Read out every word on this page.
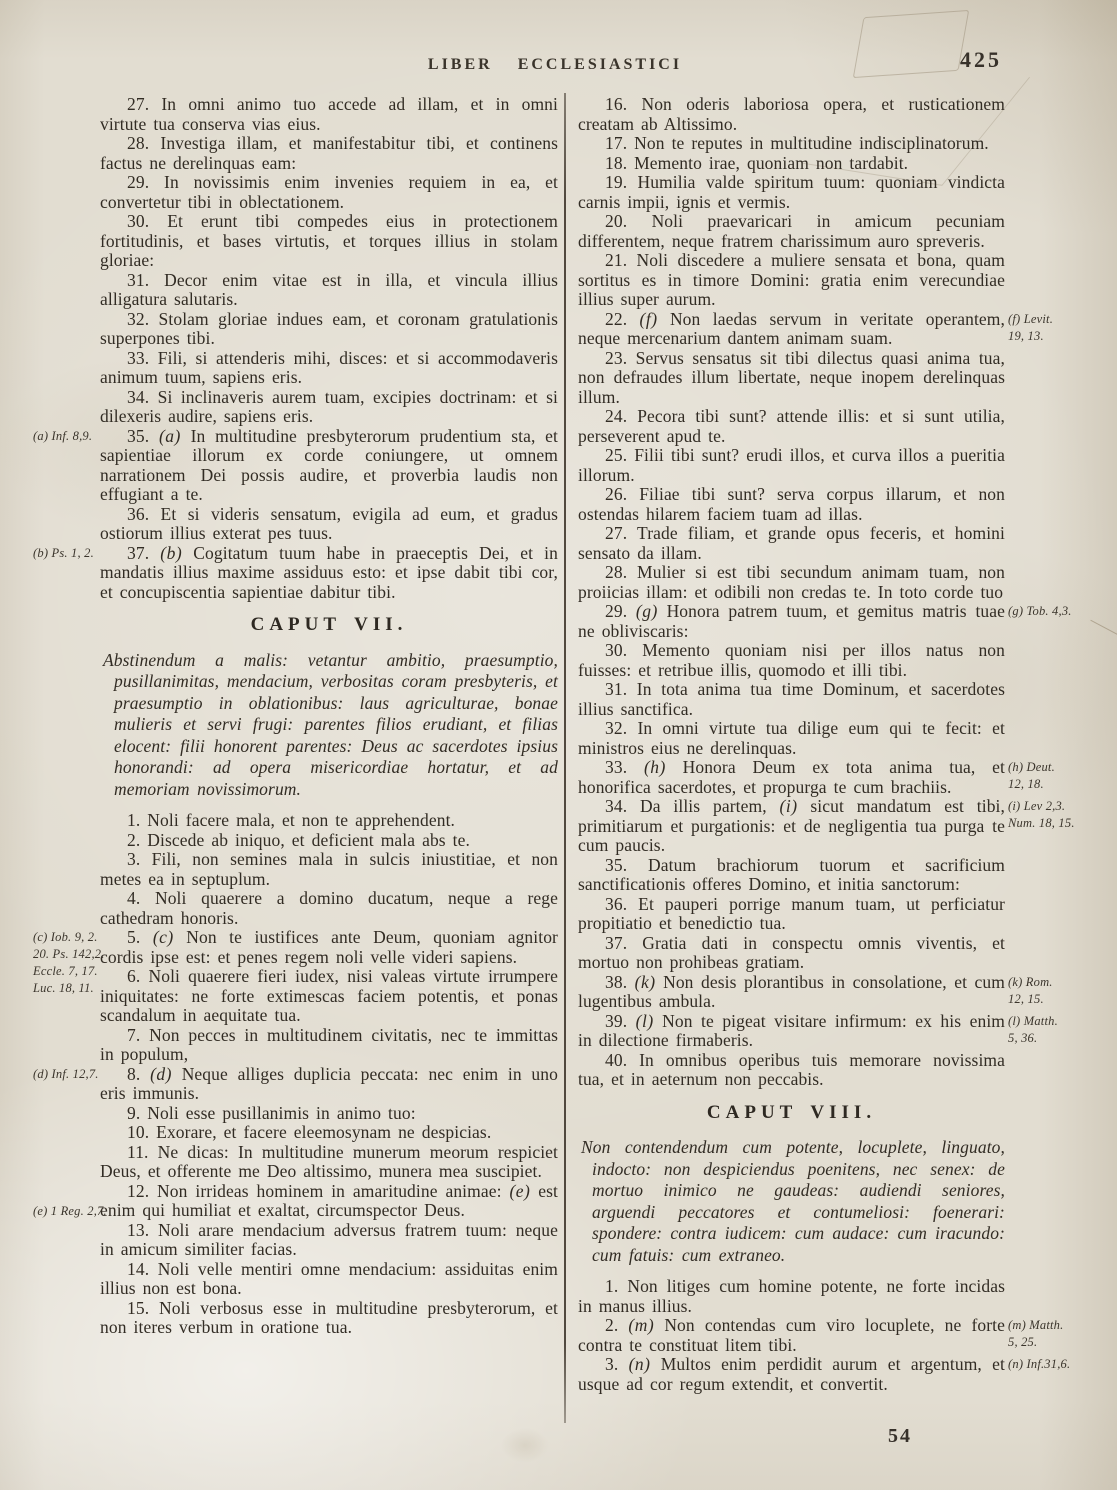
LIBER ECCLESIASTICI	425

27. In omni animo tuo accede ad illam, et in omni virtute tua conserva vias eius.

28. Investiga illam, et manifestabitur tibi, et continens factus ne derelinquas eam:

29. In novissimis enim invenies requiem in ea, et convertetur tibi in oblectationem.

30. Et erunt tibi compedes eius in protectionem fortitudinis, et bases virtutis, et torques illius in stolam gloriae:

31. Decor enim vitae est in illa, et vincula illius alligatura salutaris.

32. Stolam gloriae indues eam, et coronam gratulationis superpones tibi.

33. Fili, si attenderis mihi, disces: et si accommodaveris animum tuum, sapiens eris.

34. Si inclinaveris aurem tuam, excipies doctrinam: et si dilexeris audire, sapiens eris.

35. (a) In multitudine presbyterorum prudentium sta, et sapientiae illorum ex corde coniungere, ut omnem narrationem Dei possis audire, et proverbia laudis non effugiant a te.

36. Et si videris sensatum, evigila ad eum, et gradus ostiorum illius exterat pes tuus.

37. (b) Cogitatum tuum habe in praeceptis Dei, et in mandatis illius maxime assiduus esto: et ipse dabit tibi cor, et concupiscentia sapientiae dabitur tibi.

CAPUT VII.

Abstinendum a malis: vetantur ambitio, praesumptio, pusillanimitas, mendacium, verbositas coram presbyteris, et praesumptio in oblationibus: laus agriculturae, bonae mulieris et servi frugi: parentes filios erudiant, et filias elocent: filii honorent parentes: Deus ac sacerdotes ipsius honorandi: ad opera misericordiae hortatur, et ad memoriam novissimorum.

1. Noli facere mala, et non te apprehendent.

2. Discede ab iniquo, et deficient mala abs te.

3. Fili, non semines mala in sulcis iniustitiae, et non metes ea in septuplum.

4. Noli quaerere a domino ducatum, neque a rege cathedram honoris.

5. (c) Non te iustifices ante Deum, quoniam agnitor cordis ipse est: et penes regem noli velle videri sapiens.

6. Noli quaerere fieri iudex, nisi valeas virtute irrumpere iniquitates: ne forte extimescas faciem potentis, et ponas scandalum in aequitate tua.

7. Non pecces in multitudinem civitatis, nec te immittas in populum,

8. (d) Neque alliges duplicia peccata: nec enim in uno eris immunis.

9. Noli esse pusillanimis in animo tuo:

10. Exorare, et facere eleemosynam ne despicias.

11. Ne dicas: In multitudine munerum meorum respiciet Deus, et offerente me Deo altissimo, munera mea suscipiet.

12. Non irrideas hominem in amaritudine animae: (e) est enim qui humiliat et exaltat, circumspector Deus.

13. Noli arare mendacium adversus fratrem tuum: neque in amicum similiter facias.

14. Noli velle mentiri omne mendacium: assiduitas enim illius non est bona.

15. Noli verbosus esse in multitudine presbyterorum, et non iteres verbum in oratione tua.

16. Non oderis laboriosa opera, et rusticationem creatam ab Altissimo.

17. Non te reputes in multitudine indisciplinatorum.

18. Memento irae, quoniam non tardabit.

19. Humilia valde spiritum tuum: quoniam vindicta carnis impii, ignis et vermis.

20. Noli praevaricari in amicum pecuniam differentem, neque fratrem charissimum auro spreveris.

21. Noli discedere a muliere sensata et bona, quam sortitus es in timore Domini: gratia enim verecundiae illius super aurum.

22. (f) Non laedas servum in veritate operantem, neque mercenarium dantem animam suam.

23. Servus sensatus sit tibi dilectus quasi anima tua, non defraudes illum libertate, neque inopem derelinquas illum.

24. Pecora tibi sunt? attende illis: et si sunt utilia, perseverent apud te.

25. Filii tibi sunt? erudi illos, et curva illos a pueritia illorum.

26. Filiae tibi sunt? serva corpus illarum, et non ostendas hilarem faciem tuam ad illas.

27. Trade filiam, et grande opus feceris, et homini sensato da illam.

28. Mulier si est tibi secundum animam tuam, non proiicias illam: et odibili non credas te. In toto corde tuo

29. (g) Honora patrem tuum, et gemitus matris tuae ne obliviscaris:

30. Memento quoniam nisi per illos natus non fuisses: et retribue illis, quomodo et illi tibi.

31. In tota anima tua time Dominum, et sacerdotes illius sanctifica.

32. In omni virtute tua dilige eum qui te fecit: et ministros eius ne derelinquas.

33. (h) Honora Deum ex tota anima tua, et honorifica sacerdotes, et propurga te cum brachiis.

34. Da illis partem, (i) sicut mandatum est tibi, primitiarum et purgationis: et de negligentia tua purga te cum paucis.

35. Datum brachiorum tuorum et sacrificium sanctificationis offeres Domino, et initia sanctorum:

36. Et pauperi porrige manum tuam, ut perficiatur propitiatio et benedictio tua.

37. Gratia dati in conspectu omnis viventis, et mortuo non prohibeas gratiam.

38. (k) Non desis plorantibus in consolatione, et cum lugentibus ambula.

39. (l) Non te pigeat visitare infirmum: ex his enim in dilectione firmaberis.

40. In omnibus operibus tuis memorare novissima tua, et in aeternum non peccabis.

CAPUT VIII.

Non contendendum cum potente, locuplete, linguato, indocto: non despiciendus poenitens, nec senex: de mortuo inimico ne gaudeas: audiendi seniores, arguendi peccatores et contumeliosi: foenerari: spondere: contra iudicem: cum audace: cum iracundo: cum fatuis: cum extraneo.

1. Non litiges cum homine potente, ne forte incidas in manus illius.

2. (m) Non contendas cum viro locuplete, ne forte contra te constituat litem tibi.

3. (n) Multos enim perdidit aurum et argentum, et usque ad cor regum extendit, et convertit.

54
(a) Inf. 8,9.
(b) Ps. 1, 2.
(c) Iob. 9, 2.
20. Ps. 142,2.
Eccle. 7, 17.
Luc. 18, 11.
(d) Inf. 12,7.
(e) 1 Reg. 2,7.
(f) Levit.
19, 13.
(g) Tob. 4,3.
(h) Deut.
12, 18.
(i) Lev 2,3.
Num. 18, 15.
(k) Rom.
12, 15.
(l) Matth.
5, 36.
(m) Matth.
5, 25.
(n) Inf.31,6.
